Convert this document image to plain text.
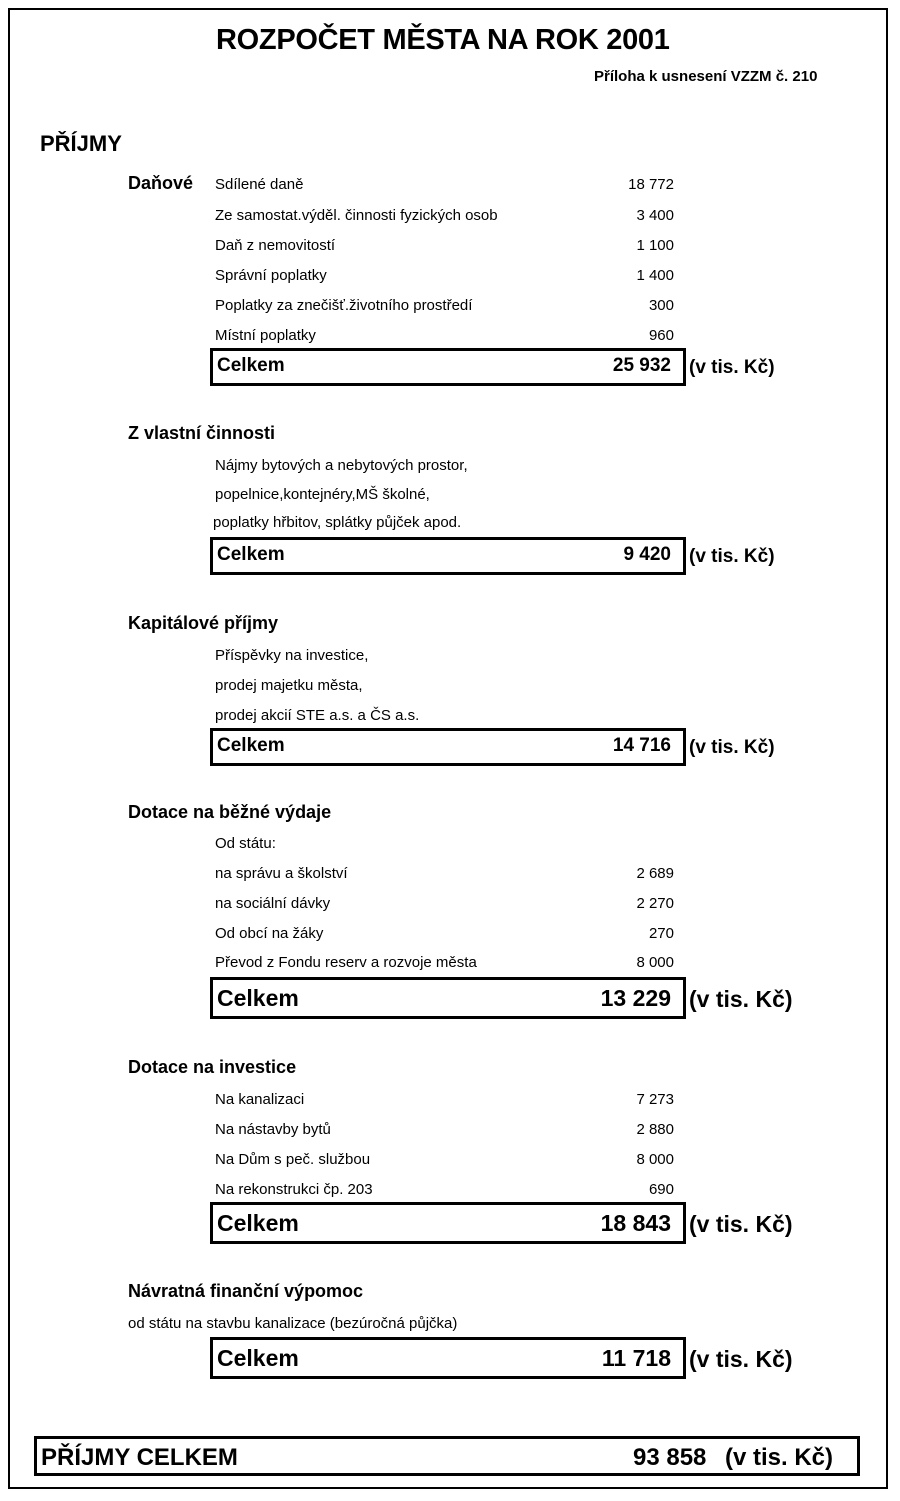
ROZPOČET MĚSTA NA ROK 2001
Příloha k usnesení VZZM č. 210
PŘÍJMY
Daňové Sdílené daně	18 772
Ze samostat.výděl. činnosti fyzických osob	3 400
Daň z nemovitostí	1 100
Správní poplatky	1 400
Poplatky za znečišť.životního prostředí	300
Místní poplatky	960
Celkem	25 932 (v tis. Kč)
Z vlastní činnosti
Nájmy bytových a nebytových prostor,
popelnice,kontejnéry,MŠ školné,
poplatky hřbitov, splátky půjček apod.
Celkem	9 420 (v tis. Kč)
Kapitálové příjmy
Příspěvky na investice,
prodej majetku města,
prodej akcií STE a.s. a ČS a.s.
Celkem	14 716 (v tis. Kč)
Dotace na běžné výdaje
Od státu:
na správu a školství	2 689
na sociální dávky	2 270
Od obcí na žáky	270
Převod z Fondu reserv a rozvoje města	8 000
Celkem	13 229 (v tis. Kč)
Dotace na investice
Na kanalizaci	7 273
Na nástavby bytů	2 880
Na Dům s peč. službou	8 000
Na rekonstrukci čp. 203	690
Celkem	18 843 (v tis. Kč)
Návratná finanční výpomoc
od státu na stavbu kanalizace (bezúročná půjčka)
Celkem	11 718 (v tis. Kč)
PŘÍJMY CELKEM	93 858 (v tis. Kč)
